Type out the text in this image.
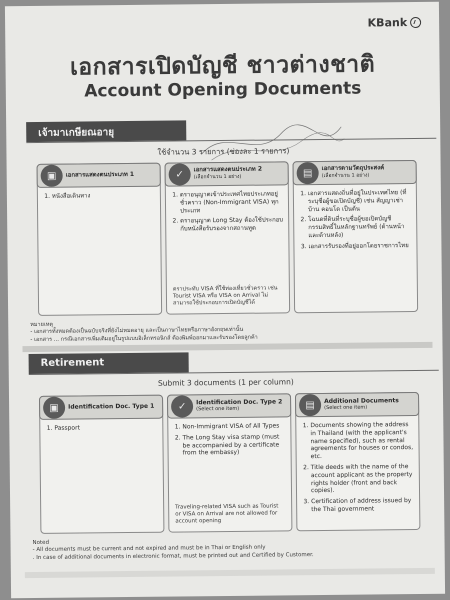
KBank
เอกสารเปิดบัญชี ชาวต่างชาติ
Account Opening Documents
เจ้ามาเกษียณอายุ
ใช้จำนวน 3 รายการ (ช่องละ 1 รายการ)
▣	เอกสารแสดงตนประเภท 1
1. หนังสือเดินทาง
✓	เอกสารแสดงตนประเภท 2
(เลือกจำนวน 1 อย่าง)
1. ตราอนุญาตเข้าประเทศไทยประเภทอยู่ชั่วคราว (Non-Immigrant VISA) ทุกประเภท
2. ตราอนุญาต Long Stay ต้องใช้ประกอบกับหนังสือรับรองจากสถานทูต
ตราประทับ VISA ที่ใช้ท่องเที่ยวชั่วคราว เช่น Tourist VISA หรือ VISA on Arrival ไม่สามารถใช้ประกอบการเปิดบัญชีได้
▤	เอกสารตามวัตถุประสงค์
(เลือกจำนวน 1 อย่าง)
1. เอกสารแสดงถิ่นที่อยู่ในประเทศไทย (ที่ระบุชื่อผู้ขอเปิดบัญชี) เช่น สัญญาเช่าบ้าน คอนโด เป็นต้น
2. โฉนดที่ดินที่ระบุชื่อผู้ขอเปิดบัญชี กรรมสิทธิ์ในหลักฐานทรัพย์ (ด้านหน้าและด้านหลัง)
3. เอกสารรับรองที่อยู่ออกโดยราชการไทย
หมายเหตุ
- เอกสารทั้งหมดต้องเป็นฉบับจริงที่ยังไม่หมดอายุ และเป็นภาษาไทยหรือภาษาอังกฤษเท่านั้น
- เอกสาร ... กรณีเอกสารเพิ่มเติมอยู่ในรูปแบบอิเล็กทรอนิกส์ ต้องพิมพ์ออกมาและรับรองโดยลูกค้า
Retirement
Submit 3 documents (1 per column)
▣	Identification Doc. Type 1
1. Passport
✓	Identification Doc. Type 2
(Select one item)
1. Non-Immigrant VISA of All Types
2. The Long Stay visa stamp (must be accompanied by a certificate from the embassy)
Traveling-related VISA such as Tourist or VISA on Arrival are not allowed for account opening
▤	Additional Documents
(Select one item)
1. Documents showing the address in Thailand (with the applicant's name specified), such as rental agreements for houses or condos, etc.
2. Title deeds with the name of the account applicant as the property rights holder (front and back copies).
3. Certification of address issued by the Thai government
Noted
- All documents must be current and not expired and must be in Thai or English only
. In case of additional documents in electronic format, must be printed out and Certified by Customer.
